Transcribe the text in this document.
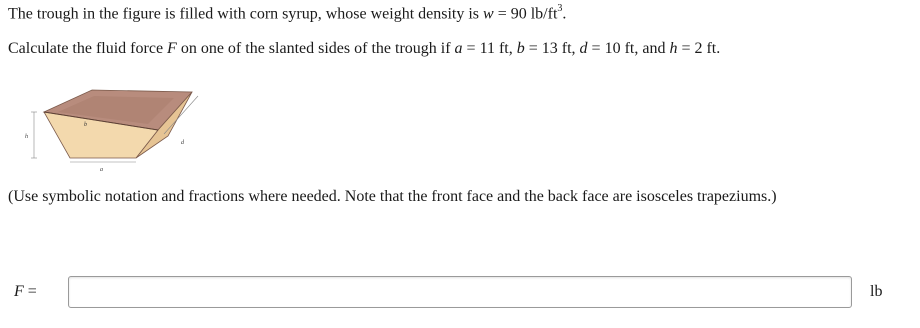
The trough in the figure is filled with corn syrup, whose weight density is w = 90 $lb/ft^3$.
Calculate the fluid force F on one of the slanted sides of the trough if a = 11 ft, b = 13 ft, d = 10 ft, and h = 2 ft.
b
d
a
h
(Use symbolic notation and fractions where needed. Note that the front face and the back face are isosceles trapeziums.)
F =	lb
